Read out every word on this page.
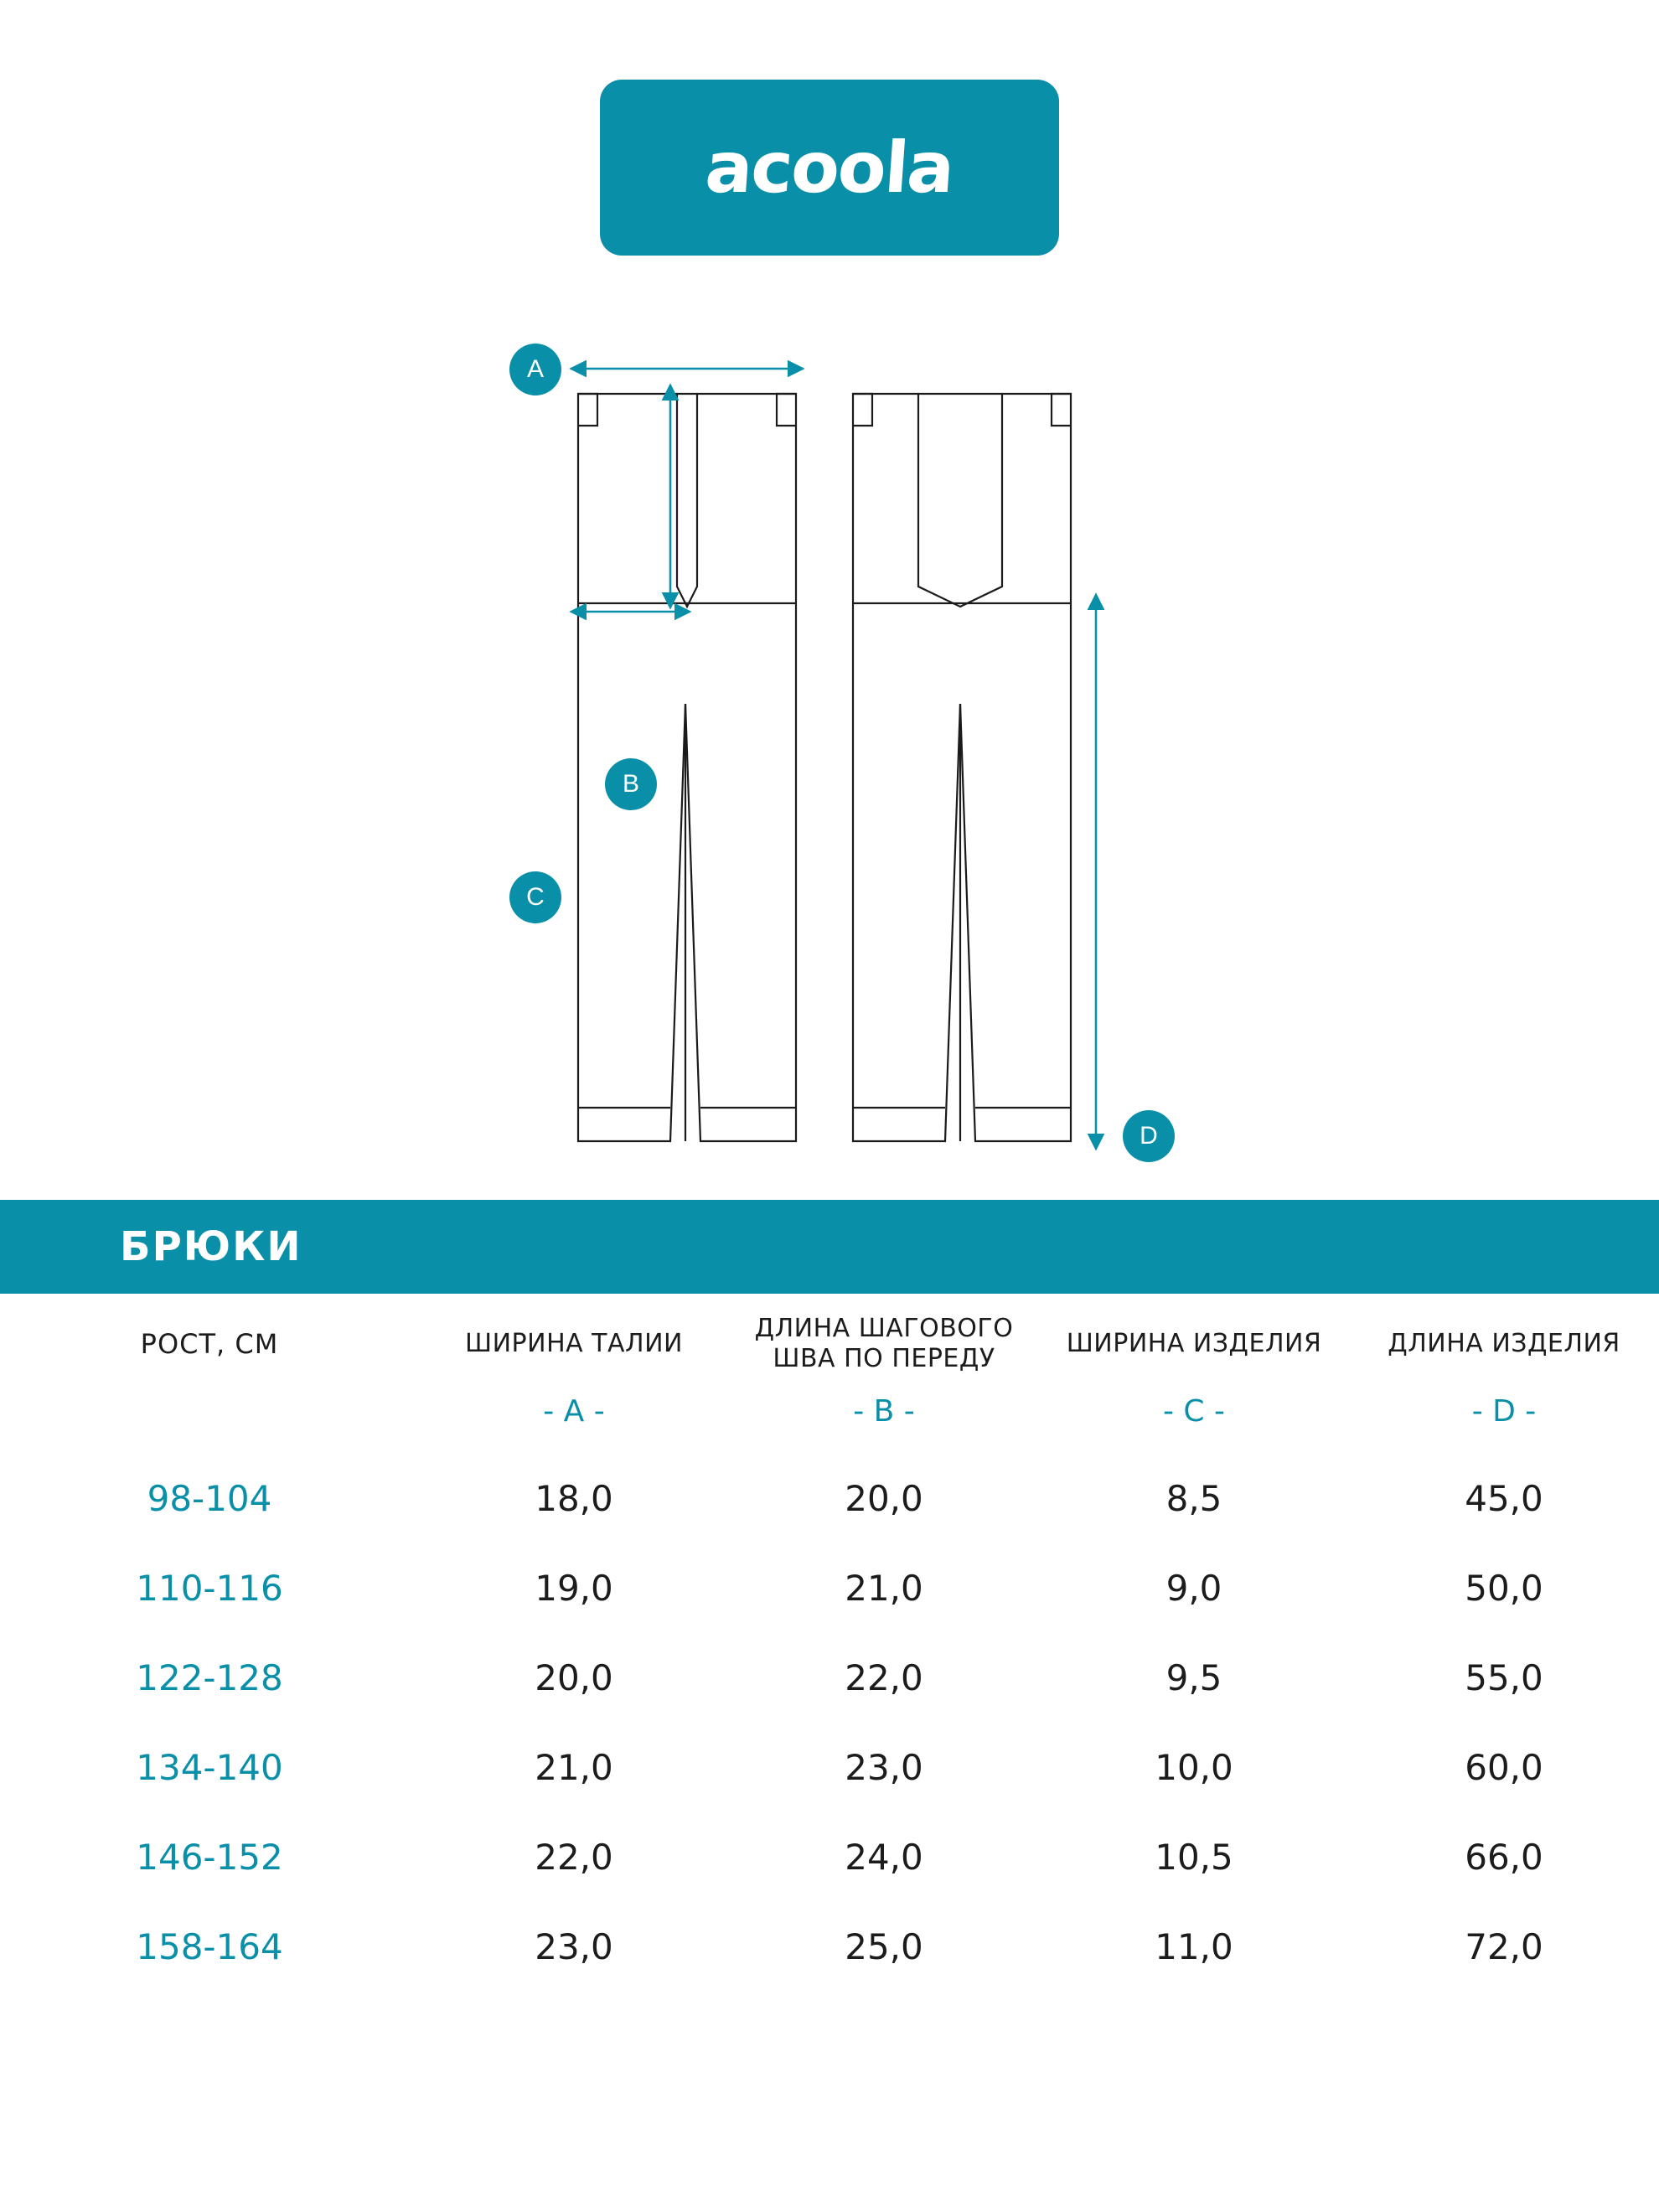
acoola
A
B
C
D
БРЮКИ
РОСТ, СМ	ШИРИНА ТАЛИИ	ДЛИНА ШАГОВОГО ШВА ПО ПЕРЕДУ	ШИРИНА ИЗДЕЛИЯ	ДЛИНА ИЗДЕЛИЯ
	- A -	- B -	- C -	- D -
98-104	18,0	20,0	8,5	45,0
110-116	19,0	21,0	9,0	50,0
122-128	20,0	22,0	9,5	55,0
134-140	21,0	23,0	10,0	60,0
146-152	22,0	24,0	10,5	66,0
158-164	23,0	25,0	11,0	72,0
